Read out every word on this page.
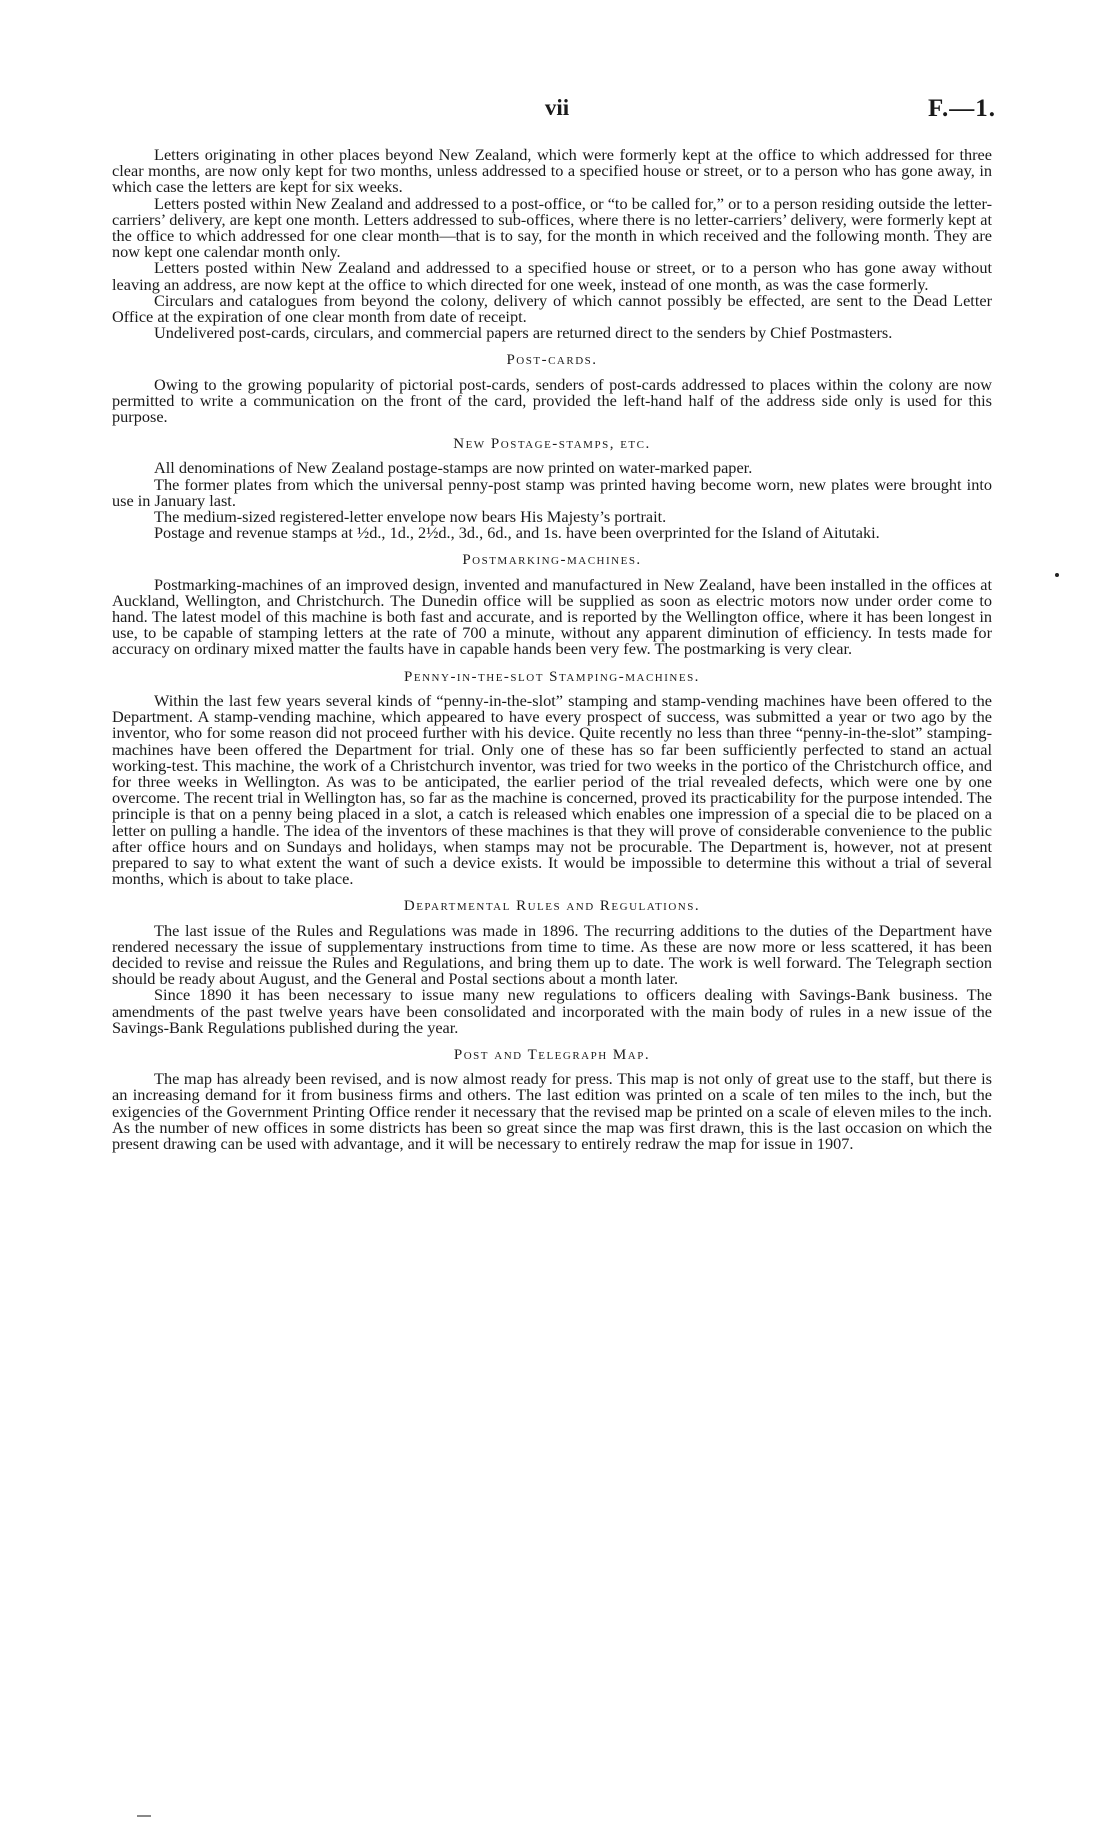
vii	F.—1.

Letters originating in other places beyond New Zealand, which were formerly kept at the office to which addressed for three clear months, are now only kept for two months, unless addressed to a specified house or street, or to a person who has gone away, in which case the letters are kept for six weeks.

Letters posted within New Zealand and addressed to a post-office, or “to be called for,” or to a person residing outside the letter-carriers’ delivery, are kept one month. Letters addressed to sub-offices, where there is no letter-carriers’ delivery, were formerly kept at the office to which addressed for one clear month—that is to say, for the month in which received and the following month. They are now kept one calendar month only.

Letters posted within New Zealand and addressed to a specified house or street, or to a person who has gone away without leaving an address, are now kept at the office to which directed for one week, instead of one month, as was the case formerly.

Circulars and catalogues from beyond the colony, delivery of which cannot possibly be effected, are sent to the Dead Letter Office at the expiration of one clear month from date of receipt.

Undelivered post-cards, circulars, and commercial papers are returned direct to the senders by Chief Postmasters.

Post-cards.

Owing to the growing popularity of pictorial post-cards, senders of post-cards addressed to places within the colony are now permitted to write a communication on the front of the card, provided the left-hand half of the address side only is used for this purpose.

New Postage-stamps, etc.

All denominations of New Zealand postage-stamps are now printed on water-marked paper.

The former plates from which the universal penny-post stamp was printed having become worn, new plates were brought into use in January last.

The medium-sized registered-letter envelope now bears His Majesty’s portrait.

Postage and revenue stamps at ½d., 1d., 2½d., 3d., 6d., and 1s. have been overprinted for the Island of Aitutaki.

Postmarking-machines.

Postmarking-machines of an improved design, invented and manufactured in New Zealand, have been installed in the offices at Auckland, Wellington, and Christchurch. The Dunedin office will be supplied as soon as electric motors now under order come to hand. The latest model of this machine is both fast and accurate, and is reported by the Wellington office, where it has been longest in use, to be capable of stamping letters at the rate of 700 a minute, without any apparent diminution of efficiency. In tests made for accuracy on ordinary mixed matter the faults have in capable hands been very few. The postmarking is very clear.

Penny-in-the-slot Stamping-machines.

Within the last few years several kinds of “penny-in-the-slot” stamping and stamp-vending machines have been offered to the Department. A stamp-vending machine, which appeared to have every prospect of success, was submitted a year or two ago by the inventor, who for some reason did not proceed further with his device. Quite recently no less than three “penny-in-the-slot” stamping-machines have been offered the Department for trial. Only one of these has so far been sufficiently perfected to stand an actual working-test. This machine, the work of a Christchurch inventor, was tried for two weeks in the portico of the Christchurch office, and for three weeks in Wellington. As was to be anticipated, the earlier period of the trial revealed defects, which were one by one overcome. The recent trial in Wellington has, so far as the machine is concerned, proved its practicability for the purpose intended. The principle is that on a penny being placed in a slot, a catch is released which enables one impression of a special die to be placed on a letter on pulling a handle. The idea of the inventors of these machines is that they will prove of considerable convenience to the public after office hours and on Sundays and holidays, when stamps may not be procurable. The Department is, however, not at present prepared to say to what extent the want of such a device exists. It would be impossible to determine this without a trial of several months, which is about to take place.

Departmental Rules and Regulations.

The last issue of the Rules and Regulations was made in 1896. The recurring additions to the duties of the Department have rendered necessary the issue of supplementary instructions from time to time. As these are now more or less scattered, it has been decided to revise and reissue the Rules and Regulations, and bring them up to date. The work is well forward. The Telegraph section should be ready about August, and the General and Postal sections about a month later.

Since 1890 it has been necessary to issue many new regulations to officers dealing with Savings-Bank business. The amendments of the past twelve years have been consolidated and incorporated with the main body of rules in a new issue of the Savings-Bank Regulations published during the year.

Post and Telegraph Map.

The map has already been revised, and is now almost ready for press. This map is not only of great use to the staff, but there is an increasing demand for it from business firms and others. The last edition was printed on a scale of ten miles to the inch, but the exigencies of the Government Printing Office render it necessary that the revised map be printed on a scale of eleven miles to the inch. As the number of new offices in some districts has been so great since the map was first drawn, this is the last occasion on which the present drawing can be used with advantage, and it will be necessary to entirely redraw the map for issue in 1907.
